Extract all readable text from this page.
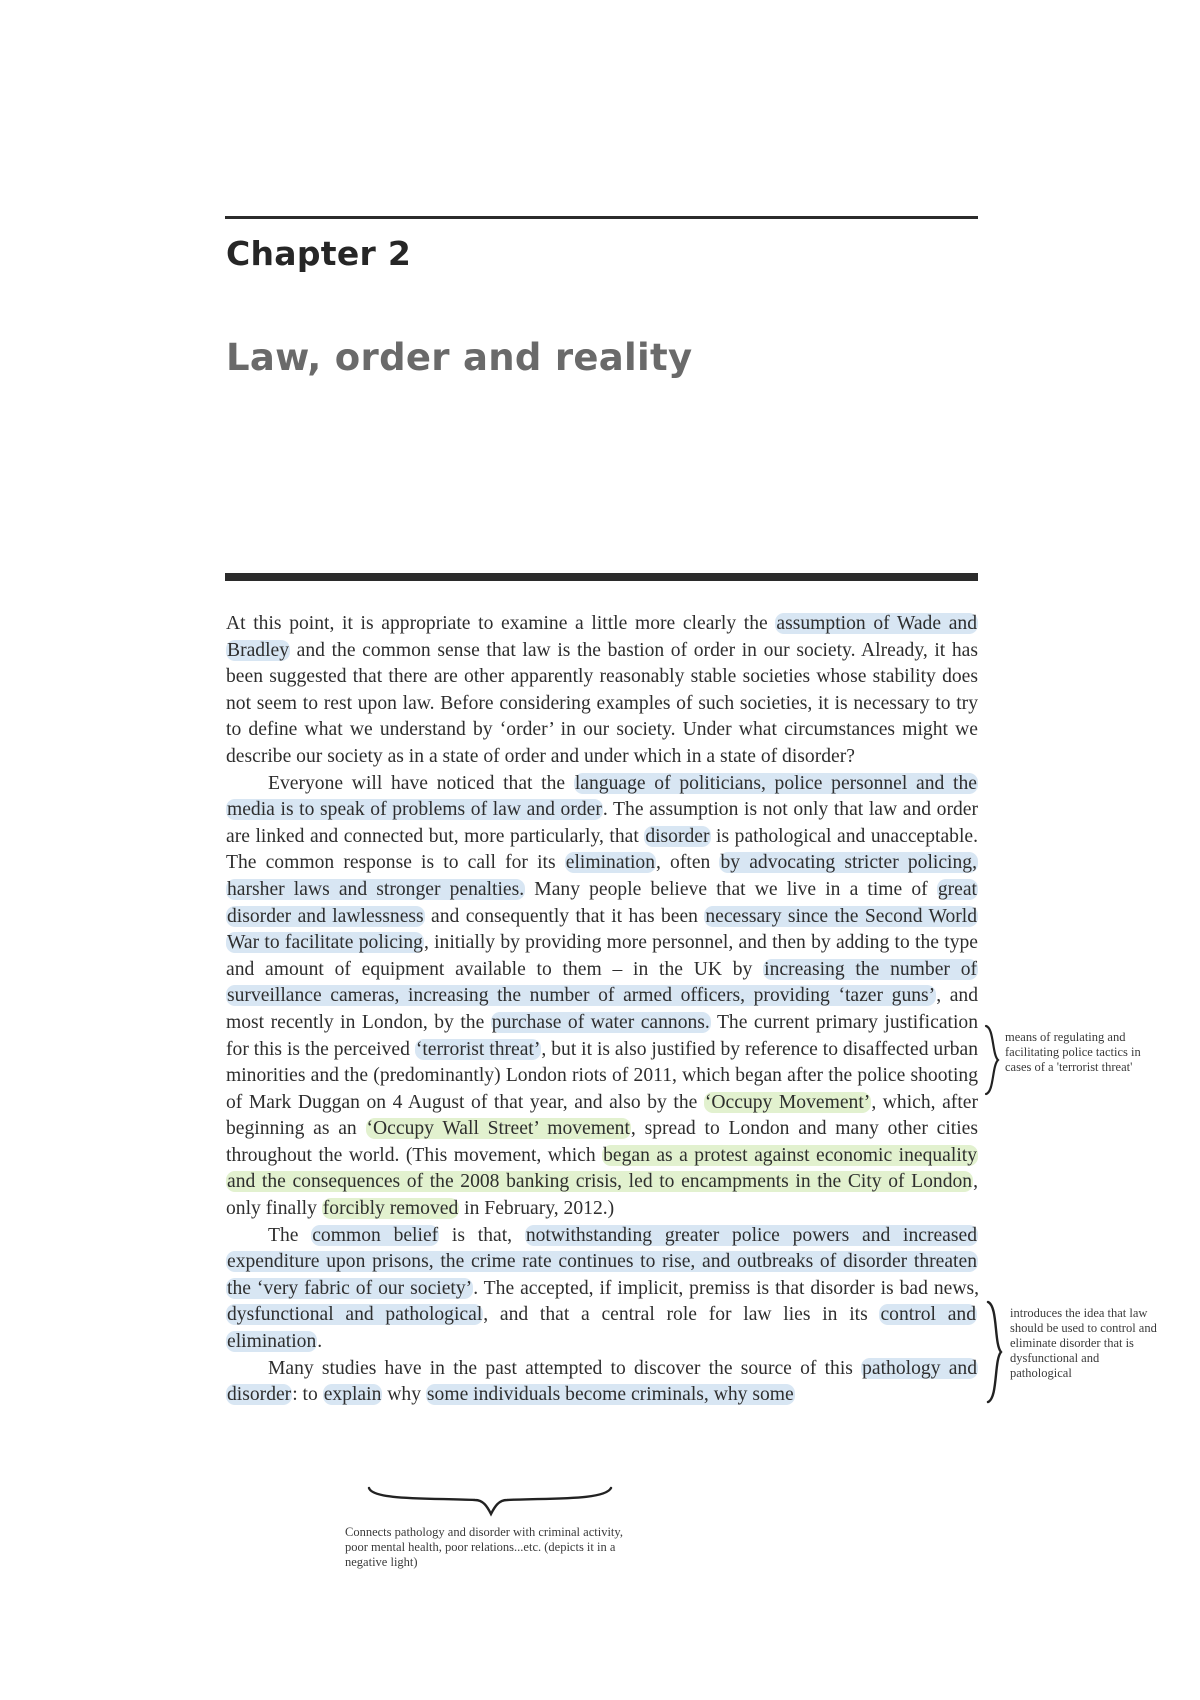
Chapter 2
Law, order and reality

At this point, it is appropriate to examine a little more clearly the assumption of Wade and Bradley and the common sense that law is the bastion of order in our society. Already, it has been suggested that there are other apparently reasonably stable societies whose stability does not seem to rest upon law. Before considering examples of such societies, it is necessary to try to define what we understand by ‘order’ in our society. Under what circumstances might we describe our society as in a state of order and under which in a state of disorder?

Everyone will have noticed that the language of politicians, police personnel and the media is to speak of problems of law and order. The assumption is not only that law and order are linked and connected but, more particularly, that disorder is pathological and unacceptable. The common response is to call for its elimination, often by advocating stricter policing, harsher laws and stronger penalties. Many people believe that we live in a time of great disorder and lawlessness and consequently that it has been necessary since the Second World War to facilitate policing, initially by providing more personnel, and then by adding to the type and amount of equipment available to them – in the UK by increasing the number of surveillance cameras, increasing the number of armed officers, providing ‘tazer guns’, and most recently in London, by the purchase of water cannons. The current primary justification for this is the perceived ‘terrorist threat’, but it is also justified by reference to disaffected urban minorities and the (predominantly) London riots of 2011, which began after the police shooting of Mark Duggan on 4 August of that year, and also by the ‘Occupy Movement’, which, after beginning as an ‘Occupy Wall Street’ movement, spread to London and many other cities throughout the world. (This movement, which began as a protest against economic inequality and the consequences of the 2008 banking crisis, led to encampments in the City of London, only finally forcibly removed in February, 2012.)

The common belief is that, notwithstanding greater police powers and increased expenditure upon prisons, the crime rate continues to rise, and outbreaks of disorder threaten the ‘very fabric of our society’. The accepted, if implicit, premiss is that disorder is bad news, dysfunctional and pathological, and that a central role for law lies in its control and elimination.

Many studies have in the past attempted to discover the source of this pathology and disorder: to explain why some individuals become criminals, why some

means of regulating and facilitating police tactics in cases of a 'terrorist threat'
introduces the idea that law should be used to control and eliminate disorder that is dysfunctional and pathological
Connects pathology and disorder with criminal activity, poor mental health, poor relations...etc. (depicts it in a negative light)
